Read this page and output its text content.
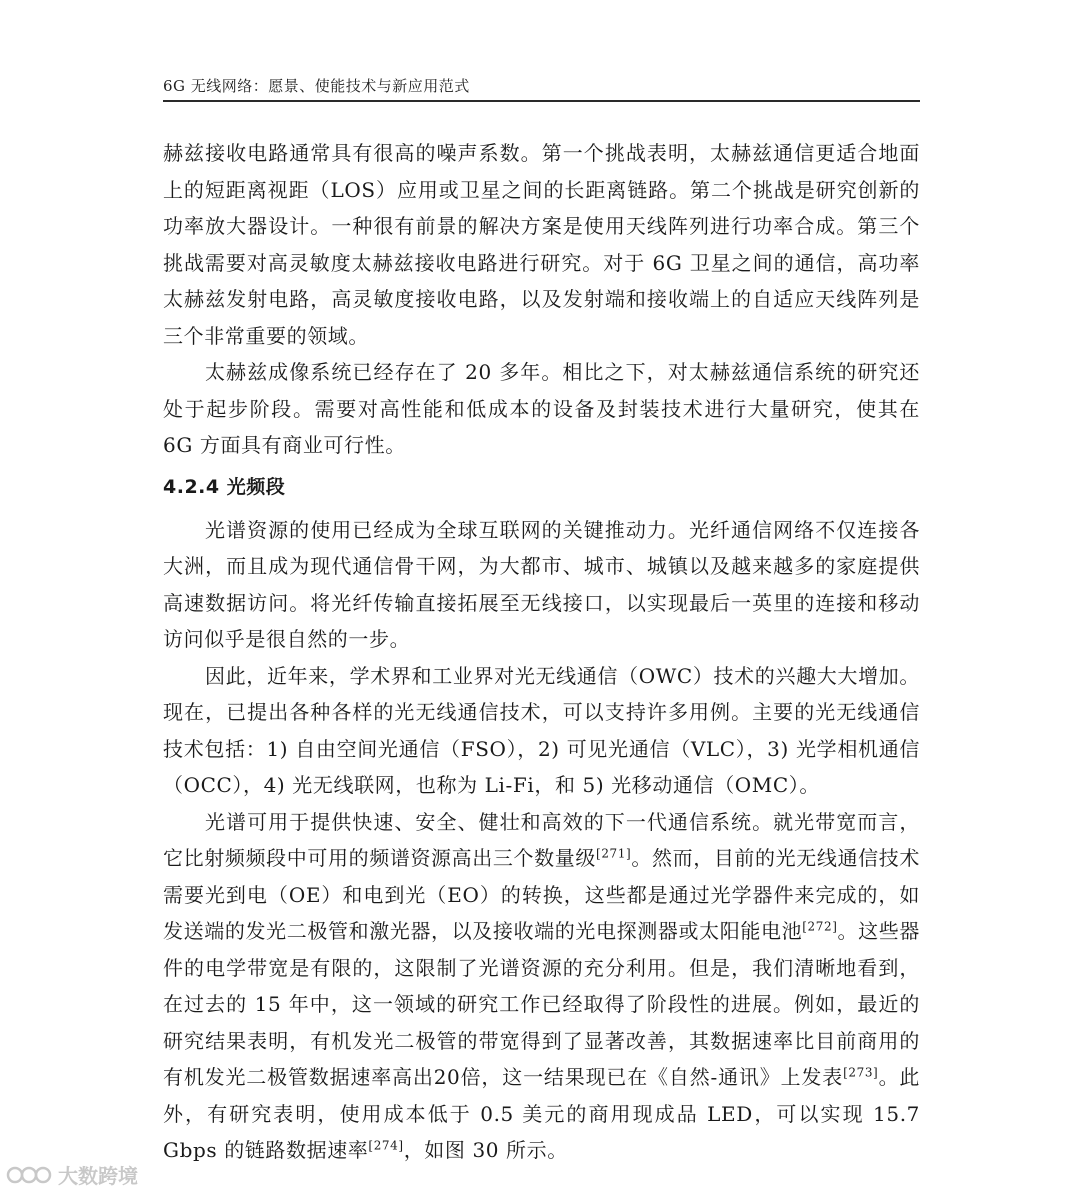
6G 无线网络：愿景、使能技术与新应用范式

赫兹接收电路通常具有很高的噪声系数。第一个挑战表明，太赫兹通信更适合地面上的短距离视距（LOS）应用或卫星之间的长距离链路。第二个挑战是研究创新的功率放大器设计。一种很有前景的解决方案是使用天线阵列进行功率合成。第三个挑战需要对高灵敏度太赫兹接收电路进行研究。对于 6G 卫星之间的通信，高功率太赫兹发射电路，高灵敏度接收电路，以及发射端和接收端上的自适应天线阵列是三个非常重要的领域。

太赫兹成像系统已经存在了 20 多年。相比之下，对太赫兹通信系统的研究还处于起步阶段。需要对高性能和低成本的设备及封装技术进行大量研究，使其在 6G 方面具有商业可行性。

4.2.4 光频段

光谱资源的使用已经成为全球互联网的关键推动力。光纤通信网络不仅连接各大洲，而且成为现代通信骨干网，为大都市、城市、城镇以及越来越多的家庭提供高速数据访问。将光纤传输直接拓展至无线接口，以实现最后一英里的连接和移动访问似乎是很自然的一步。

因此，近年来，学术界和工业界对光无线通信（OWC）技术的兴趣大大增加。现在，已提出各种各样的光无线通信技术，可以支持许多用例。主要的光无线通信技术包括：1) 自由空间光通信（FSO），2) 可见光通信（VLC），3) 光学相机通信（OCC），4) 光无线联网，也称为 Li-Fi，和 5) 光移动通信（OMC）。

光谱可用于提供快速、安全、健壮和高效的下一代通信系统。就光带宽而言，它比射频频段中可用的频谱资源高出三个数量级[271]。然而，目前的光无线通信技术需要光到电（OE）和电到光（EO）的转换，这些都是通过光学器件来完成的，如发送端的发光二极管和激光器，以及接收端的光电探测器或太阳能电池[272]。这些器件的电学带宽是有限的，这限制了光谱资源的充分利用。但是，我们清晰地看到，在过去的 15 年中，这一领域的研究工作已经取得了阶段性的进展。例如，最近的研究结果表明，有机发光二极管的带宽得到了显著改善，其数据速率比目前商用的有机发光二极管数据速率高出20倍，这一结果现已在《自然-通讯》上发表[273]。此外，有研究表明，使用成本低于 0.5 美元的商用现成品 LED，可以实现 15.7 Gbps 的链路数据速率[274]，如图 30 所示。

大数跨境
